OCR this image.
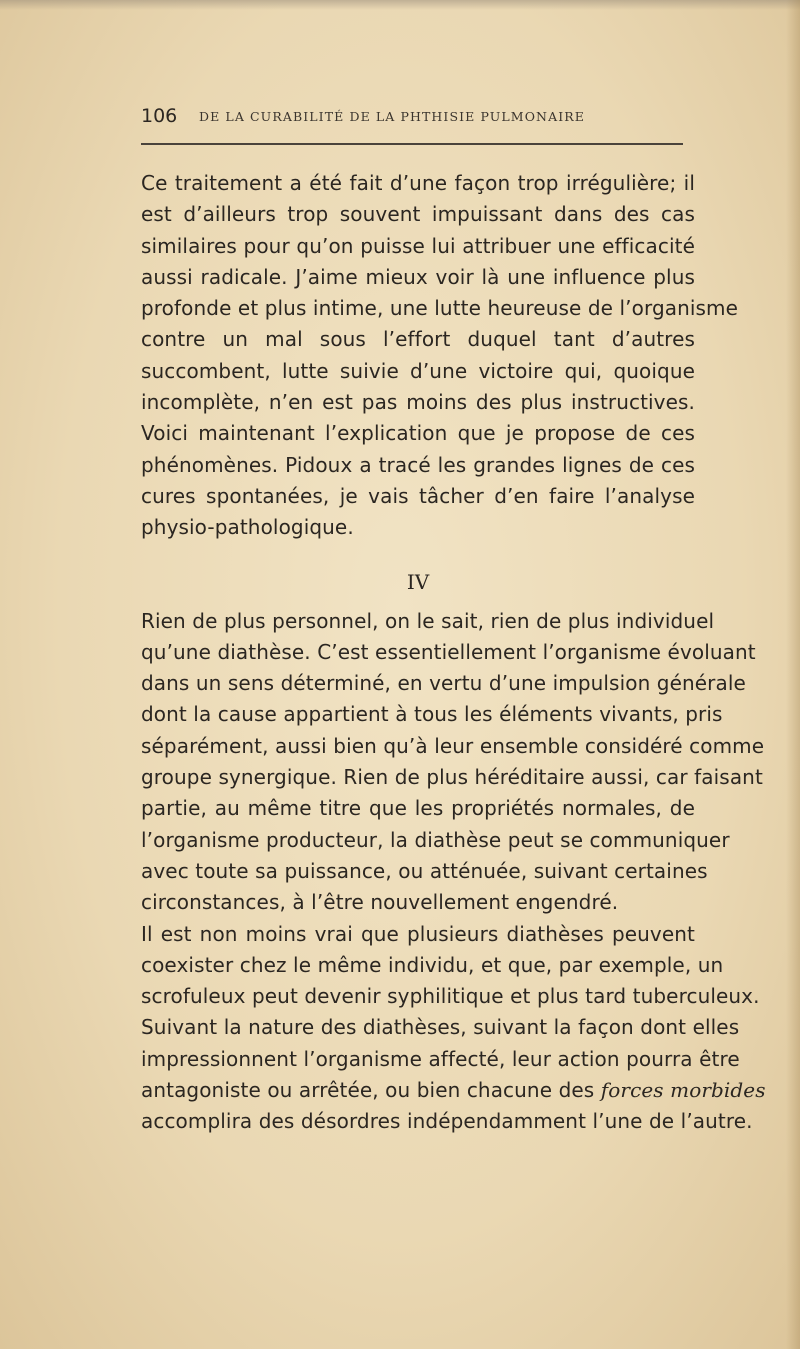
106 DE LA CURABILITÉ DE LA PHTHISIE PULMONAIRE
Ce traitement a été fait d’une façon trop irrégulière; il
est d’ailleurs trop souvent impuissant dans des cas
similaires pour qu’on puisse lui attribuer une efficacité
aussi radicale. J’aime mieux voir là une influence plus
profonde et plus intime, une lutte heureuse de l’organisme
contre un mal sous l’effort duquel tant d’autres
succombent, lutte suivie d’une victoire qui, quoique
incomplète, n’en est pas moins des plus instructives.
Voici maintenant l’explication que je propose de ces
phénomènes. Pidoux a tracé les grandes lignes de ces
cures spontanées, je vais tâcher d’en faire l’analyse
physio-pathologique.
IV
Rien de plus personnel, on le sait, rien de plus individuel
qu’une diathèse. C’est essentiellement l’organisme évoluant
dans un sens déterminé, en vertu d’une impulsion générale
dont la cause appartient à tous les éléments vivants, pris
séparément, aussi bien qu’à leur ensemble considéré comme
groupe synergique. Rien de plus héréditaire aussi, car faisant
partie, au même titre que les propriétés normales, de
l’organisme producteur, la diathèse peut se communiquer
avec toute sa puissance, ou atténuée, suivant certaines
circonstances, à l’être nouvellement engendré.
Il est non moins vrai que plusieurs diathèses peuvent
coexister chez le même individu, et que, par exemple, un
scrofuleux peut devenir syphilitique et plus tard tuberculeux.
Suivant la nature des diathèses, suivant la façon dont elles
impressionnent l’organisme affecté, leur action pourra être
antagoniste ou arrêtée, ou bien chacune des forces morbides
accomplira des désordres indépendamment l’une de l’autre.
